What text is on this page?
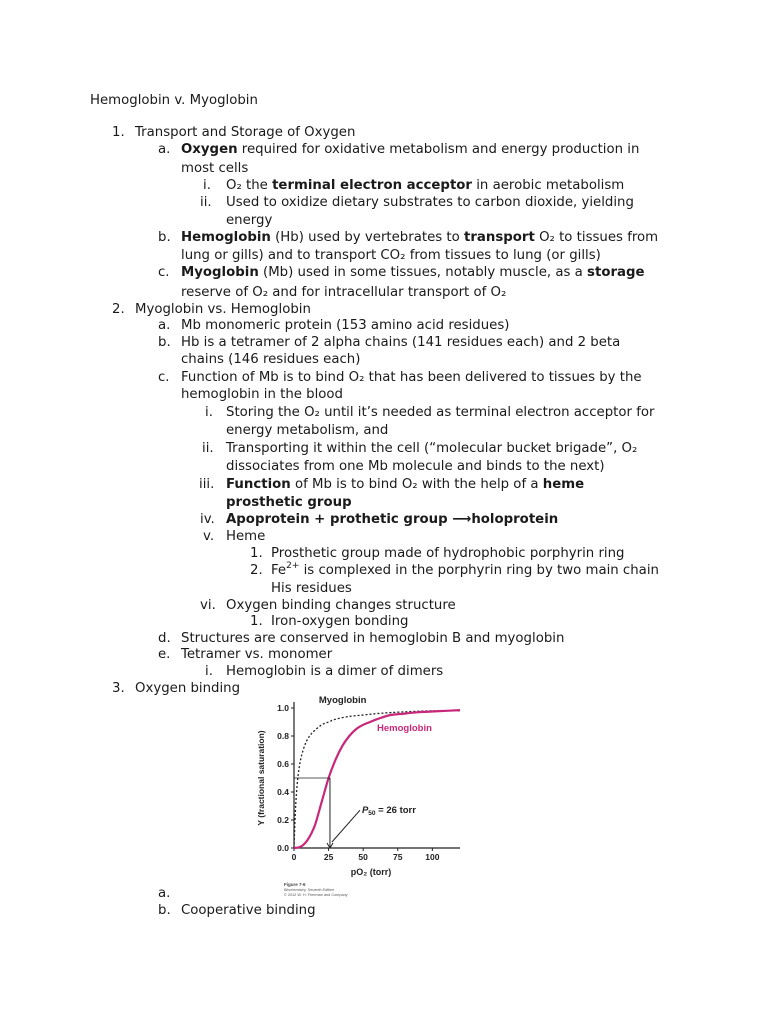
Hemoglobin v. Myoglobin
1. Transport and Storage of Oxygen
a. Oxygen required for oxidative metabolism and energy production in
most cells
i. O₂ the terminal electron acceptor in aerobic metabolism
ii. Used to oxidize dietary substrates to carbon dioxide, yielding
energy
b. Hemoglobin (Hb) used by vertebrates to transport O₂ to tissues from
lung or gills) and to transport CO₂ from tissues to lung (or gills)
c. Myoglobin (Mb) used in some tissues, notably muscle, as a storage
reserve of O₂ and for intracellular transport of O₂
2. Myoglobin vs. Hemoglobin
a. Mb monomeric protein (153 amino acid residues)
b. Hb is a tetramer of 2 alpha chains (141 residues each) and 2 beta
chains (146 residues each)
c. Function of Mb is to bind O₂ that has been delivered to tissues by the
hemoglobin in the blood
i. Storing the O₂ until it’s needed as terminal electron acceptor for
energy metabolism, and
ii. Transporting it within the cell (“molecular bucket brigade”, O₂
dissociates from one Mb molecule and binds to the next)
iii. Function of Mb is to bind O₂ with the help of a heme
prosthetic group
iv. Apoprotein + prothetic group ⟶holoprotein
v. Heme
1. Prosthetic group made of hydrophobic porphyrin ring
2. $Fe^{2+}$ is complexed in the porphyrin ring by two main chain
His residues
vi. Oxygen binding changes structure
1. Iron-oxygen bonding
d. Structures are conserved in hemoglobin B and myoglobin
e. Tetramer vs. monomer
i. Hemoglobin is a dimer of dimers
3. Oxygen binding
0.0
0.2
0.4
0.6
0.8
1.0
0	25	50	75	100
Y (fractional saturation)
pO₂ (torr)
Myoglobin
Hemoglobin
$P_{50} = 26$ torr
Figure 7-6
Biochemistry, Seventh Edition
© 2012 W. H. Freeman and Company
a.
b. Cooperative binding
